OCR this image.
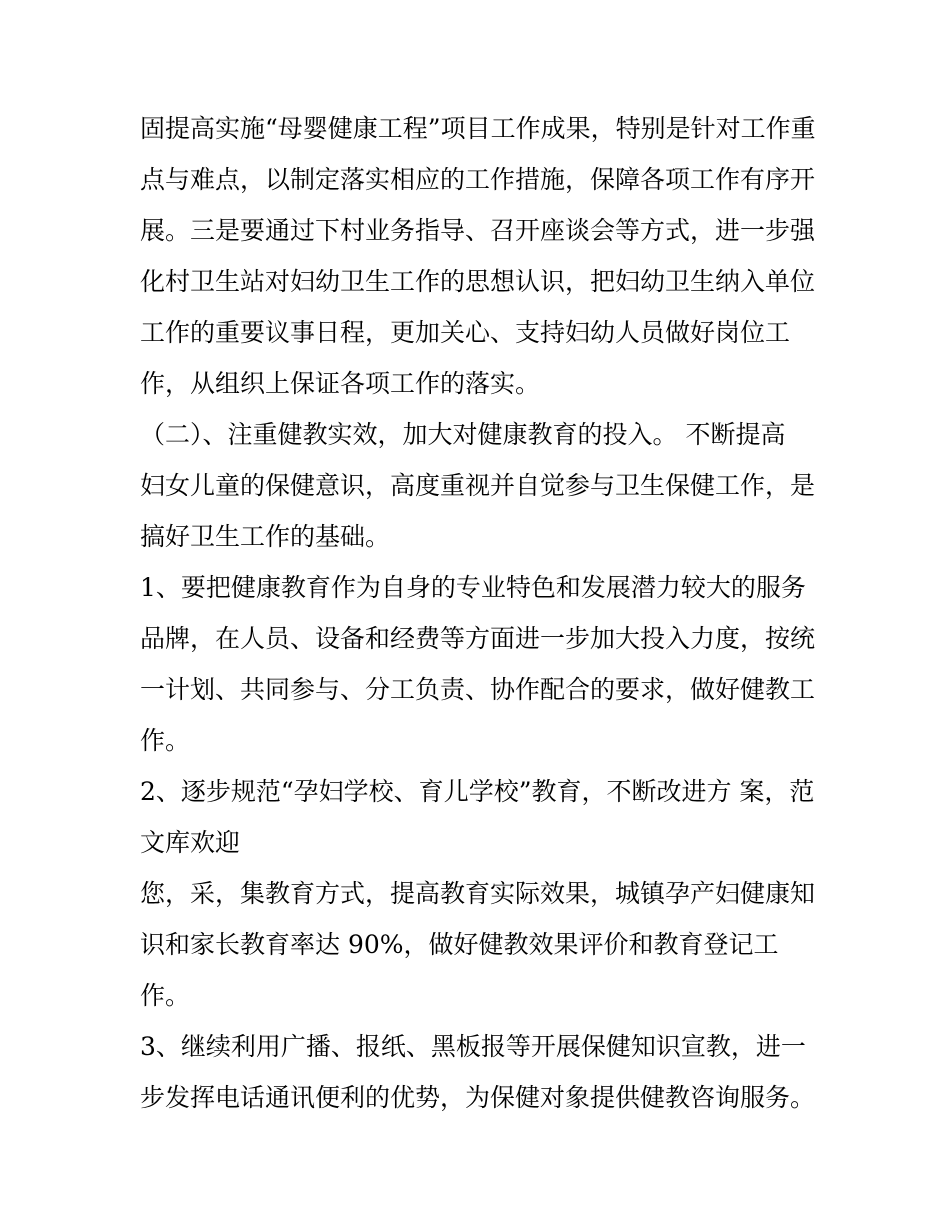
固提高实施“母婴健康工程”项目工作成果，特别是针对工作重
点与难点，以制定落实相应的工作措施，保障各项工作有序开
展。三是要通过下村业务指导、召开座谈会等方式，进一步强
化村卫生站对妇幼卫生工作的思想认识，把妇幼卫生纳入单位
工作的重要议事日程，更加关心、支持妇幼人员做好岗位工
作，从组织上保证各项工作的落实。
（二）、注重健教实效，加大对健康教育的投入。 不断提高
妇女儿童的保健意识，高度重视并自觉参与卫生保健工作，是
搞好卫生工作的基础。
1、要把健康教育作为自身的专业特色和发展潜力较大的服务
品牌，在人员、设备和经费等方面进一步加大投入力度，按统
一计划、共同参与、分工负责、协作配合的要求，做好健教工
作。
2、逐步规范“孕妇学校、育儿学校”教育，不断改进方 案，范
文库欢迎
您，采，集教育方式，提高教育实际效果，城镇孕产妇健康知
识和家长教育率达 90%，做好健教效果评价和教育登记工
作。
3、继续利用广播、报纸、黑板报等开展保健知识宣教，进一
步发挥电话通讯便利的优势，为保健对象提供健教咨询服务。
